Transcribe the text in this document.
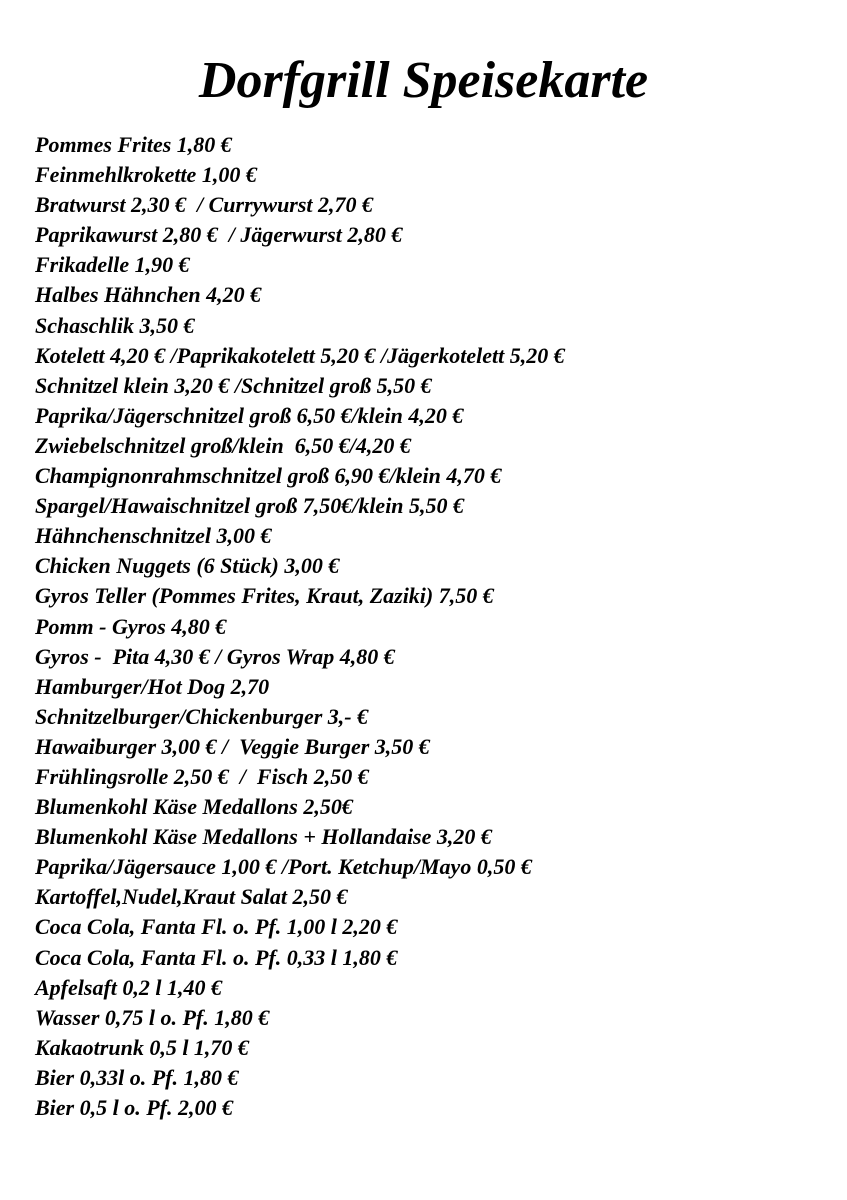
Dorfgrill Speisekarte
Pommes Frites 1,80 €
Feinmehlkrokette 1,00 €
Bratwurst 2,30 €  / Currywurst 2,70 €
Paprikawurst 2,80 €  / Jägerwurst 2,80 €
Frikadelle 1,90 €
Halbes Hähnchen 4,20 €
Schaschlik 3,50 €
Kotelett 4,20 € /Paprikakotelett 5,20 € /Jägerkotelett 5,20 €
Schnitzel klein 3,20 € /Schnitzel groß 5,50 €
Paprika/Jägerschnitzel groß 6,50 €/klein 4,20 €
Zwiebelschnitzel groß/klein  6,50 €/4,20 €
Champignonrahmschnitzel groß 6,90 €/klein 4,70 €
Spargel/Hawaischnitzel groß 7,50€/klein 5,50 €
Hähnchenschnitzel 3,00 €
Chicken Nuggets (6 Stück) 3,00 €
Gyros Teller (Pommes Frites, Kraut, Zaziki) 7,50 €
Pomm - Gyros 4,80 €
Gyros -  Pita 4,30 € / Gyros Wrap 4,80 €
Hamburger/Hot Dog 2,70
Schnitzelburger/Chickenburger 3,- €
Hawaiburger 3,00 € /  Veggie Burger 3,50 €
Frühlingsrolle 2,50 €  /  Fisch 2,50 €
Blumenkohl Käse Medallons 2,50€
Blumenkohl Käse Medallons + Hollandaise 3,20 €
Paprika/Jägersauce 1,00 € /Port. Ketchup/Mayo 0,50 €
Kartoffel,Nudel,Kraut Salat 2,50 €
Coca Cola, Fanta Fl. o. Pf. 1,00 l 2,20 €
Coca Cola, Fanta Fl. o. Pf. 0,33 l 1,80 €
Apfelsaft 0,2 l 1,40 €
Wasser 0,75 l o. Pf. 1,80 €
Kakaotrunk 0,5 l 1,70 €
Bier 0,33l o. Pf. 1,80 €
Bier 0,5 l o. Pf. 2,00 €
